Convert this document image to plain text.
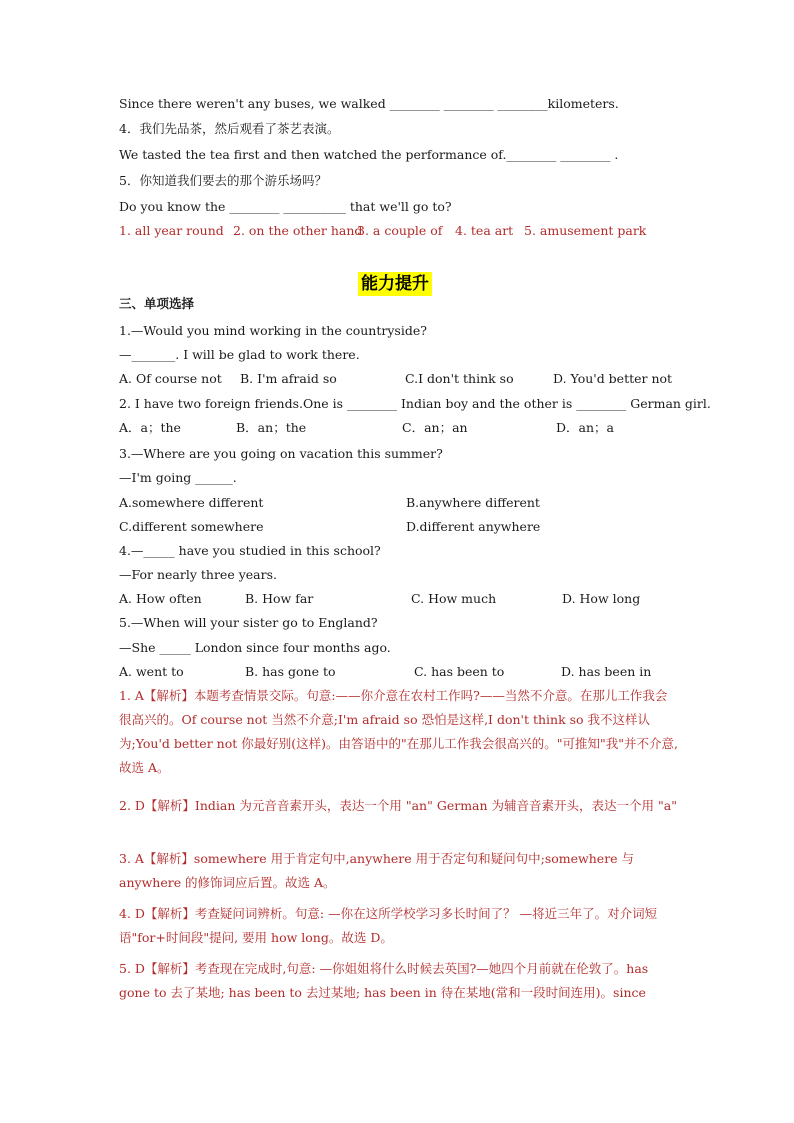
Since there weren't any buses, we walked ________ ________ ________kilometers.
4．我们先品茶，然后观看了茶艺表演。
We tasted the tea first and then watched the performance of.________ ________ .
5．你知道我们要去的那个游乐场吗？
Do you know the ________ __________ that we'll go to?
1. all year round 2. on the other hand
3. a couple of 4. tea art 5. amusement park
能力提升
三、单项选择
1.—Would you mind working in the countryside?
—_______. I will be glad to work there.
A. Of course not B. I'm afraid so	C.I don't think so	D. You'd better not
2. I have two foreign friends.One is ________ Indian boy and the other is ________ German girl.
A．a；the	B．an；the	C．an；an	D．an；a
3.—Where are you going on vacation this summer?
—I'm going ______.
A.somewhere different	B.anywhere different
C.different somewhere	D.different anywhere
4.—_____ have you studied in this school?
—For nearly three years.
A. How often	B. How far	C. How much	D. How long
5.—When will your sister go to England?
—She _____ London since four months ago.
A. went to	B. has gone to	C. has been to	D. has been in
1. A【解析】本题考查情景交际。句意:——你介意在农村工作吗?——当然不介意。在那儿工作我会很高兴的。Of course not 当然不介意;I'm afraid so 恐怕是这样,I don't think so 我不这样认为;You'd better not 你最好别(这样)。由答语中的"在那儿工作我会很高兴的。"可推知"我"并不介意,故选 A。
2. D【解析】Indian 为元音音素开头，表达一个用 "an" German 为辅音音素开头，表达一个用 "a"
3. A【解析】somewhere 用于肯定句中,anywhere 用于否定句和疑问句中;somewhere 与 anywhere 的修饰词应后置。故选 A。
4. D【解析】考查疑问词辨析。句意: —你在这所学校学习多长时间了？ —将近三年了。对介词短语"for+时间段"提问, 要用 how long。故选 D。
5. D【解析】考查现在完成时,句意: —你姐姐将什么时候去英国?—她四个月前就在伦敦了。has gone to 去了某地; has been to 去过某地; has been in 待在某地(常和一段时间连用)。since
